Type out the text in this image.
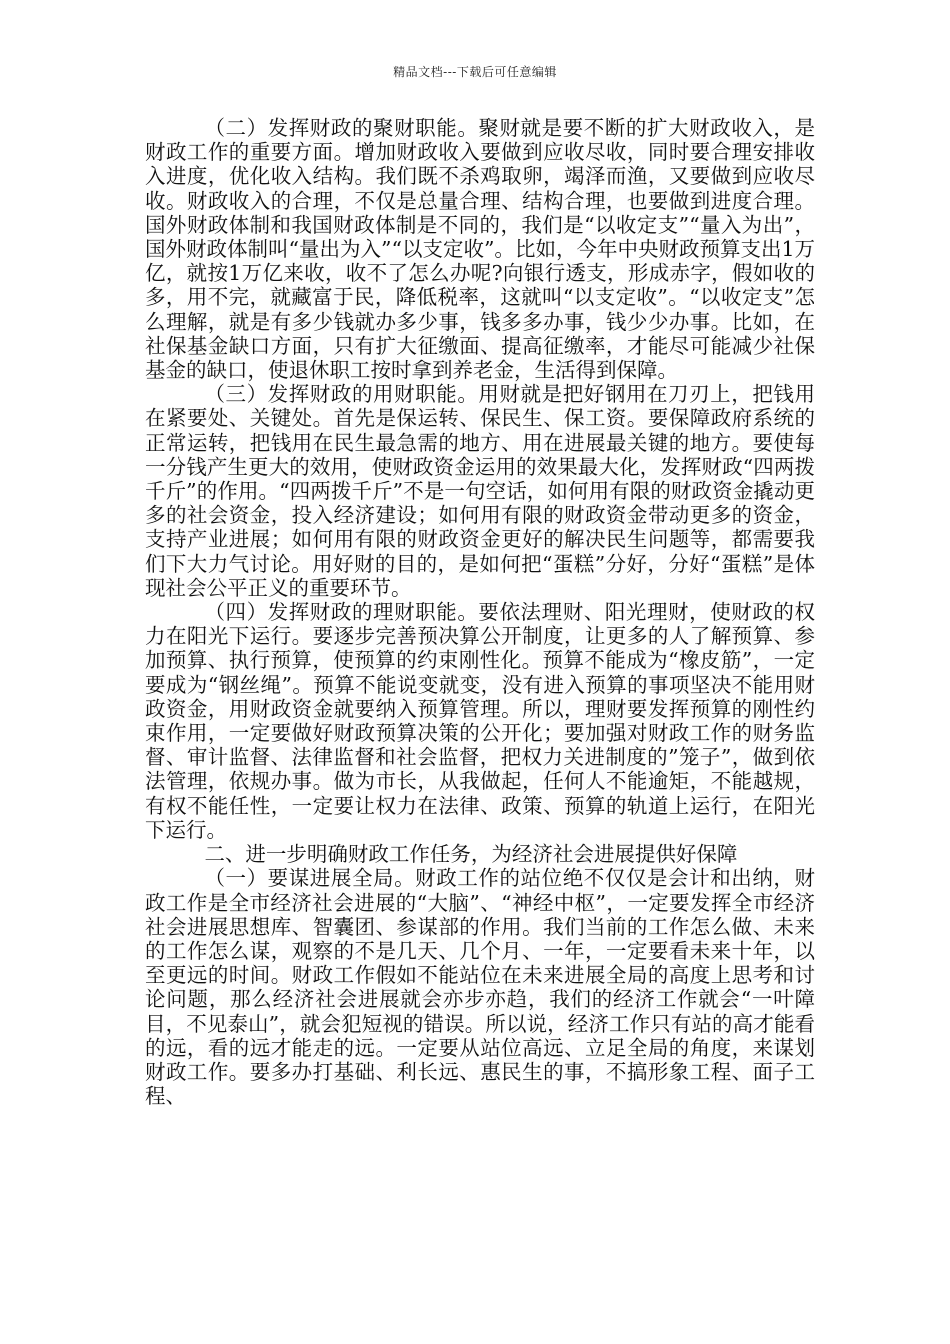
精品文档---下载后可任意编辑

（二）发挥财政的聚财职能。聚财就是要不断的扩大财政收入，是财政工作的重要方面。增加财政收入要做到应收尽收，同时要合理安排收入进度，优化收入结构。我们既不杀鸡取卵，竭泽而渔，又要做到应收尽收。财政收入的合理，不仅是总量合理、结构合理，也要做到进度合理。国外财政体制和我国财政体制是不同的，我们是“以收定支”“量入为出”，国外财政体制叫“量出为入”“以支定收”。比如，今年中央财政预算支出1万亿，就按1万亿来收，收不了怎么办呢?向银行透支，形成赤字，假如收的多，用不完，就藏富于民，降低税率，这就叫“以支定收”。“以收定支”怎么理解，就是有多少钱就办多少事，钱多多办事，钱少少办事。比如，在社保基金缺口方面，只有扩大征缴面、提高征缴率，才能尽可能减少社保基金的缺口，使退休职工按时拿到养老金，生活得到保障。

（三）发挥财政的用财职能。用财就是把好钢用在刀刃上，把钱用在紧要处、关键处。首先是保运转、保民生、保工资。要保障政府系统的正常运转，把钱用在民生最急需的地方、用在进展最关键的地方。要使每一分钱产生更大的效用，使财政资金运用的效果最大化，发挥财政“四两拨千斤”的作用。“四两拨千斤”不是一句空话，如何用有限的财政资金撬动更多的社会资金，投入经济建设；如何用有限的财政资金带动更多的资金，支持产业进展；如何用有限的财政资金更好的解决民生问题等，都需要我们下大力气讨论。用好财的目的，是如何把“蛋糕”分好，分好“蛋糕”是体现社会公平正义的重要环节。

（四）发挥财政的理财职能。要依法理财、阳光理财，使财政的权力在阳光下运行。要逐步完善预决算公开制度，让更多的人了解预算、参加预算、执行预算，使预算的约束刚性化。预算不能成为“橡皮筋”，一定要成为“钢丝绳”。预算不能说变就变，没有进入预算的事项坚决不能用财政资金，用财政资金就要纳入预算管理。所以，理财要发挥预算的刚性约束作用，一定要做好财政预算决策的公开化；要加强对财政工作的财务监督、审计监督、法律监督和社会监督，把权力关进制度的”笼子”，做到依法管理，依规办事。做为市长，从我做起，任何人不能逾矩，不能越规，有权不能任性，一定要让权力在法律、政策、预算的轨道上运行，在阳光下运行。

二、进一步明确财政工作任务，为经济社会进展提供好保障

（一）要谋进展全局。财政工作的站位绝不仅仅是会计和出纳，财政工作是全市经济社会进展的“大脑”、“神经中枢”，一定要发挥全市经济社会进展思想库、智囊团、参谋部的作用。我们当前的工作怎么做、未来的工作怎么谋，观察的不是几天、几个月、一年，一定要看未来十年，以至更远的时间。财政工作假如不能站位在未来进展全局的高度上思考和讨论问题，那么经济社会进展就会亦步亦趋，我们的经济工作就会“一叶障目，不见泰山”，就会犯短视的错误。所以说，经济工作只有站的高才能看的远，看的远才能走的远。一定要从站位高远、立足全局的角度，来谋划财政工作。要多办打基础、利长远、惠民生的事，不搞形象工程、面子工程、
